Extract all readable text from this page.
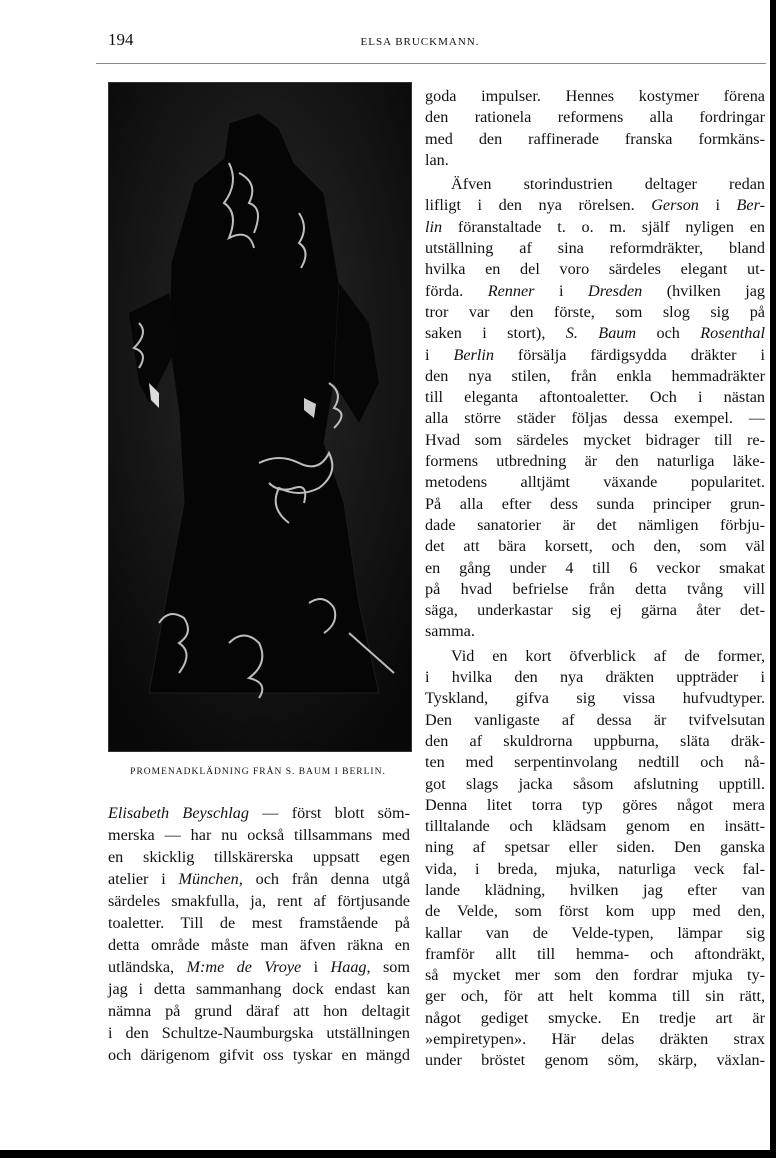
194	ELSA BRUCKMANN.
PROMENADKLÄDNING FRÅN S. BAUM I BERLIN.
Elisabeth Beyschlag — först blott söm-
merska — har nu också tillsammans med
en skicklig tillskärerska uppsatt egen
atelier i München, och från denna utgå
särdeles smakfulla, ja, rent af förtjusande
toaletter. Till de mest framstående på
detta område måste man äfven räkna en
utländska, M:me de Vroye i Haag, som
jag i detta sammanhang dock endast kan
nämna på grund däraf att hon deltagit
i den Schultze-Naumburgska utställningen
och därigenom gifvit oss tyskar en mängd
goda impulser. Hennes kostymer förena
den rationela reformens alla fordringar
med den raffinerade franska formkäns-
lan.
Äfven storindustrien deltager redan
lifligt i den nya rörelsen. Gerson i Ber-
lin föranstaltade t. o. m. själf nyligen en
utställning af sina reformdräkter, bland
hvilka en del voro särdeles elegant ut-
förda. Renner i Dresden (hvilken jag
tror var den förste, som slog sig på
saken i stort), S. Baum och Rosenthal
i Berlin försälja färdigsydda dräkter i
den nya stilen, från enkla hemmadräkter
till eleganta aftontoaletter. Och i nästan
alla större städer följas dessa exempel. —
Hvad som särdeles mycket bidrager till re-
formens utbredning är den naturliga läke-
metodens alltjämt växande popularitet.
På alla efter dess sunda principer grun-
dade sanatorier är det nämligen förbju-
det att bära korsett, och den, som väl
en gång under 4 till 6 veckor smakat
på hvad befrielse från detta tvång vill
säga, underkastar sig ej gärna åter det-
samma.
Vid en kort öfverblick af de former,
i hvilka den nya dräkten uppträder i
Tyskland, gifva sig vissa hufvudtyper.
Den vanligaste af dessa är tvifvelsutan
den af skuldrorna uppburna, släta dräk-
ten med serpentinvolang nedtill och nå-
got slags jacka såsom afslutning upptill.
Denna litet torra typ göres något mera
tilltalande och klädsam genom en insätt-
ning af spetsar eller siden. Den ganska
vida, i breda, mjuka, naturliga veck fal-
lande klädning, hvilken jag efter van
de Velde, som först kom upp med den,
kallar van de Velde-typen, lämpar sig
framför allt till hemma- och aftondräkt,
så mycket mer som den fordrar mjuka ty-
ger och, för att helt komma till sin rätt,
något gediget smycke. En tredje art är
»empiretypen». Här delas dräkten strax
under bröstet genom söm, skärp, växlan-
